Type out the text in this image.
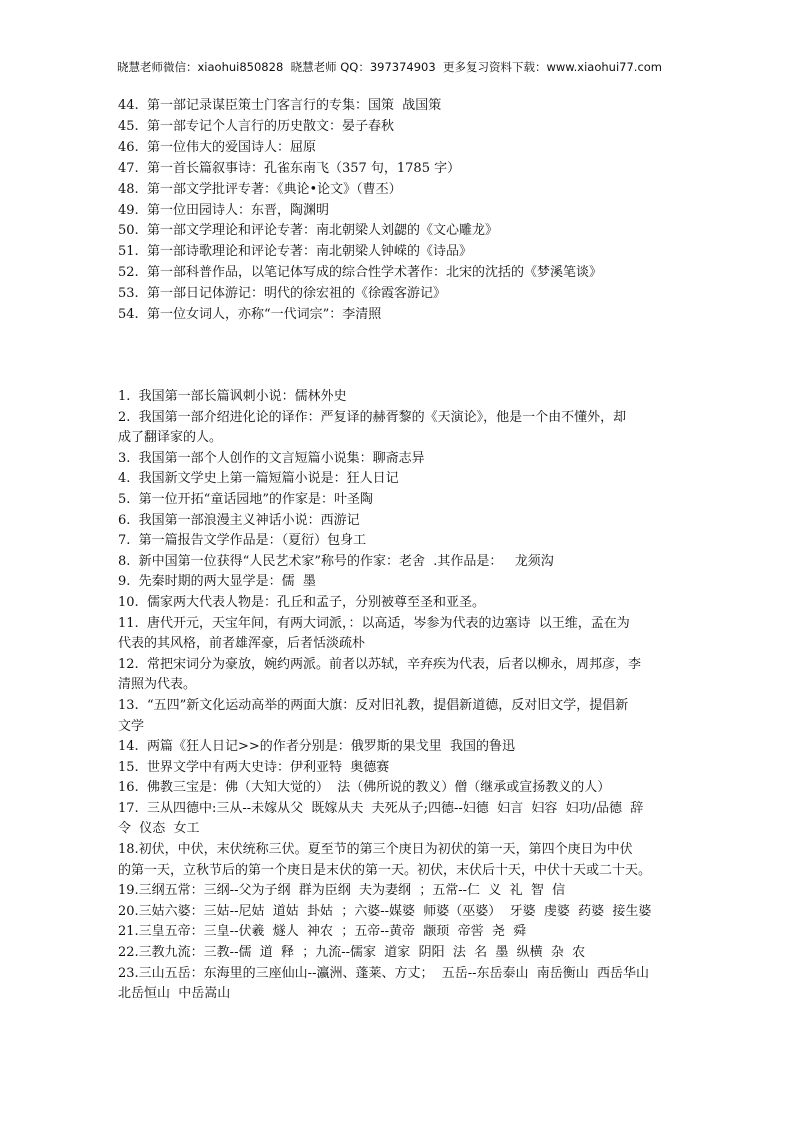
晓慧老师微信：xiaohui850828  晓慧老师 QQ：397374903  更多复习资料下载：www.xiaohui77.com

44.  第一部记录谋臣策士门客言行的专集：国策  战国策

45.  第一部专记个人言行的历史散文：晏子春秋

46.  第一位伟大的爱国诗人：屈原

47.  第一首长篇叙事诗：孔雀东南飞（357 句，1785 字）

48.  第一部文学批评专著：《典论•论文》（曹丕）

49.  第一位田园诗人：东晋，陶渊明

50.  第一部文学理论和评论专著：南北朝梁人刘勰的《文心雕龙》

51.  第一部诗歌理论和评论专著：南北朝梁人钟嵘的《诗品》

52.  第一部科普作品，以笔记体写成的综合性学术著作：北宋的沈括的《梦溪笔谈》

53.  第一部日记体游记：明代的徐宏祖的《徐霞客游记》

54.  第一位女词人，亦称“一代词宗”：李清照

1.  我国第一部长篇讽刺小说：儒林外史

2.  我国第一部介绍进化论的译作：严复译的赫胥黎的《天演论》，他是一个由不懂外，却

成了翻译家的人。

3.  我国第一部个人创作的文言短篇小说集：聊斋志异

4.  我国新文学史上第一篇短篇小说是：狂人日记

5.  第一位开拓“童话园地”的作家是：叶圣陶

6.  我国第一部浪漫主义神话小说：西游记

7.  第一篇报告文学作品是：（夏衍）包身工

8.  新中国第一位获得“人民艺术家”称号的作家：老舍  .其作品是：   龙须沟

9.  先秦时期的两大显学是：儒  墨

10.  儒家两大代表人物是：孔丘和孟子，分别被尊至圣和亚圣。

11.  唐代开元，天宝年间，有两大词派，：以高适，岑参为代表的边塞诗  以王维，孟在为

代表的其风格，前者雄浑豪，后者恬淡疏朴

12.  常把宋词分为豪放，婉约两派。前者以苏轼，辛弃疾为代表，后者以柳永，周邦彦，李

清照为代表。

13.  “五四”新文化运动高举的两面大旗：反对旧礼教，提倡新道德，反对旧文学，提倡新

文学

14.  两篇《狂人日记>>的作者分别是：俄罗斯的果戈里  我国的鲁迅

15.  世界文学中有两大史诗：伊利亚特  奥德赛

16.  佛教三宝是：佛（大知大觉的）  法（佛所说的教义）僧（继承或宣扬教义的人）

17.  三从四德中:三从--未嫁从父  既嫁从夫  夫死从子;四德--妇德  妇言  妇容  妇功/品德  辞

令  仪态  女工

18.初伏，中伏，末伏统称三伏。夏至节的第三个庚日为初伏的第一天，第四个庚日为中伏

的第一天，立秋节后的第一个庚日是末伏的第一天。初伏，末伏后十天，中伏十天或二十天。

19.三纲五常：三纲--父为子纲  群为臣纲  夫为妻纲  ；五常--仁  义  礼  智  信

20.三姑六婆：三姑--尼姑  道姑  卦姑  ；六婆--媒婆  师婆（巫婆）  牙婆  虔婆  药婆  接生婆

21.三皇五帝：三皇--伏羲  燧人  神农  ；五帝--黄帝  颛顼  帝喾  尧  舜

22.三教九流：三教--儒  道  释  ；九流--儒家  道家  阴阳  法  名  墨  纵横  杂  农

23.三山五岳：东海里的三座仙山--瀛洲、蓬莱、方丈；  五岳--东岳泰山  南岳衡山  西岳华山

北岳恒山  中岳嵩山
